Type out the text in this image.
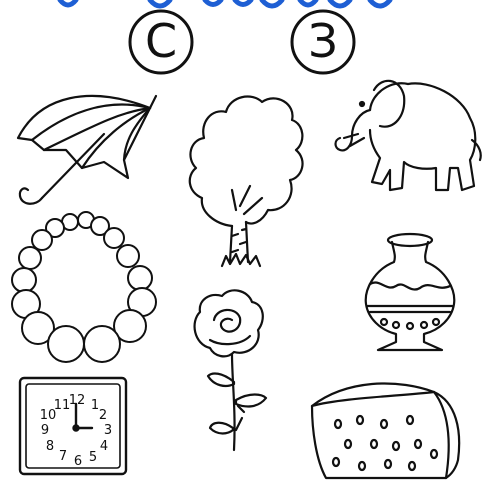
С	З
12 1
2
3
4
5
6
7
8
9
10
11
